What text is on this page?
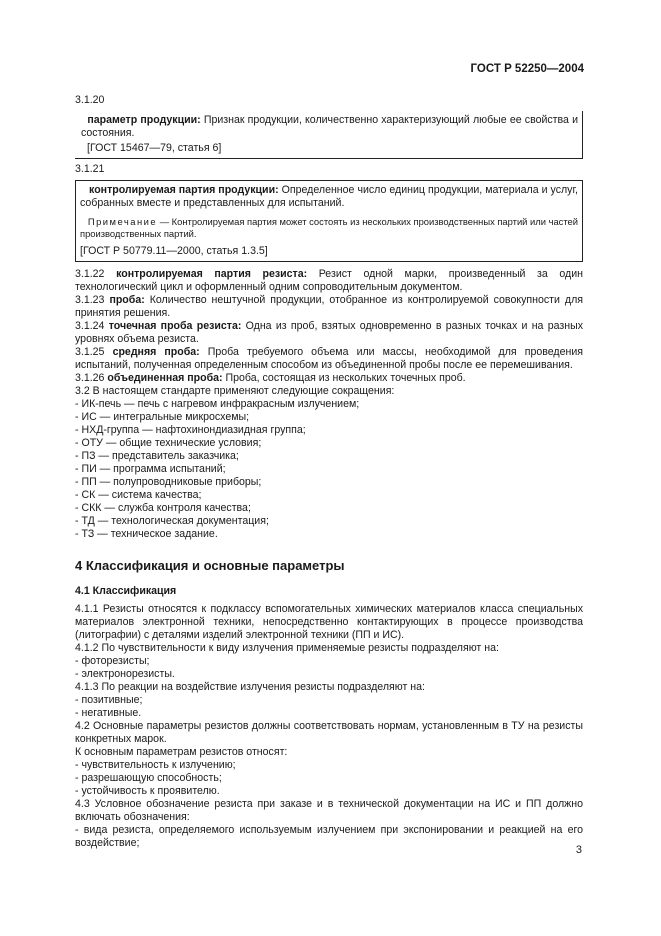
ГОСТ Р 52250—2004

3.1.20

параметр продукции: Признак продукции, количественно характеризующий любые ее свойства и состояния.

[ГОСТ 15467—79, статья 6]

3.1.21

контролируемая партия продукции: Определенное число единиц продукции, материала и услуг, собранных вместе и представленных для испытаний.

Примечание — Контролируемая партия может состоять из нескольких производственных партий или частей производственных партий.

[ГОСТ Р 50779.11—2000, статья 1.3.5]

3.1.22 контролируемая партия резиста: Резист одной марки, произведенный за один технологический цикл и оформленный одним сопроводительным документом.

3.1.23 проба: Количество нештучной продукции, отобранное из контролируемой совокупности для принятия решения.

3.1.24 точечная проба резиста: Одна из проб, взятых одновременно в разных точках и на разных уровнях объема резиста.

3.1.25 средняя проба: Проба требуемого объема или массы, необходимой для проведения испытаний, полученная определенным способом из объединенной пробы после ее перемешивания.

3.1.26 объединенная проба: Проба, состоящая из нескольких точечных проб.

3.2 В настоящем стандарте применяют следующие сокращения:

- ИК-печь — печь с нагревом инфракрасным излучением;

- ИС — интегральные микросхемы;

- НХД-группа — нафтохинондиазидная группа;

- ОТУ — общие технические условия;

- ПЗ — представитель заказчика;

- ПИ — программа испытаний;

- ПП — полупроводниковые приборы;

- СК — система качества;

- СКК — служба контроля качества;

- ТД — технологическая документация;

- ТЗ — техническое задание.

4 Классификация и основные параметры
4.1 Классификация

4.1.1 Резисты относятся к подклассу вспомогательных химических материалов класса специальных материалов электронной техники, непосредственно контактирующих в процессе производства (литографии) с деталями изделий электронной техники (ПП и ИС).

4.1.2 По чувствительности к виду излучения применяемые резисты подразделяют на:

- фоторезисты;

- электронорезисты.

4.1.3 По реакции на воздействие излучения резисты подразделяют на:

- позитивные;

- негативные.

4.2 Основные параметры резистов должны соответствовать нормам, установленным в ТУ на резисты конкретных марок.

К основным параметрам резистов относят:

- чувствительность к излучению;

- разрешающую способность;

- устойчивость к проявителю.

4.3 Условное обозначение резиста при заказе и в технической документации на ИС и ПП должно включать обозначения:

- вида резиста, определяемого используемым излучением при экспонировании и реакцией на его воздействие;

3
